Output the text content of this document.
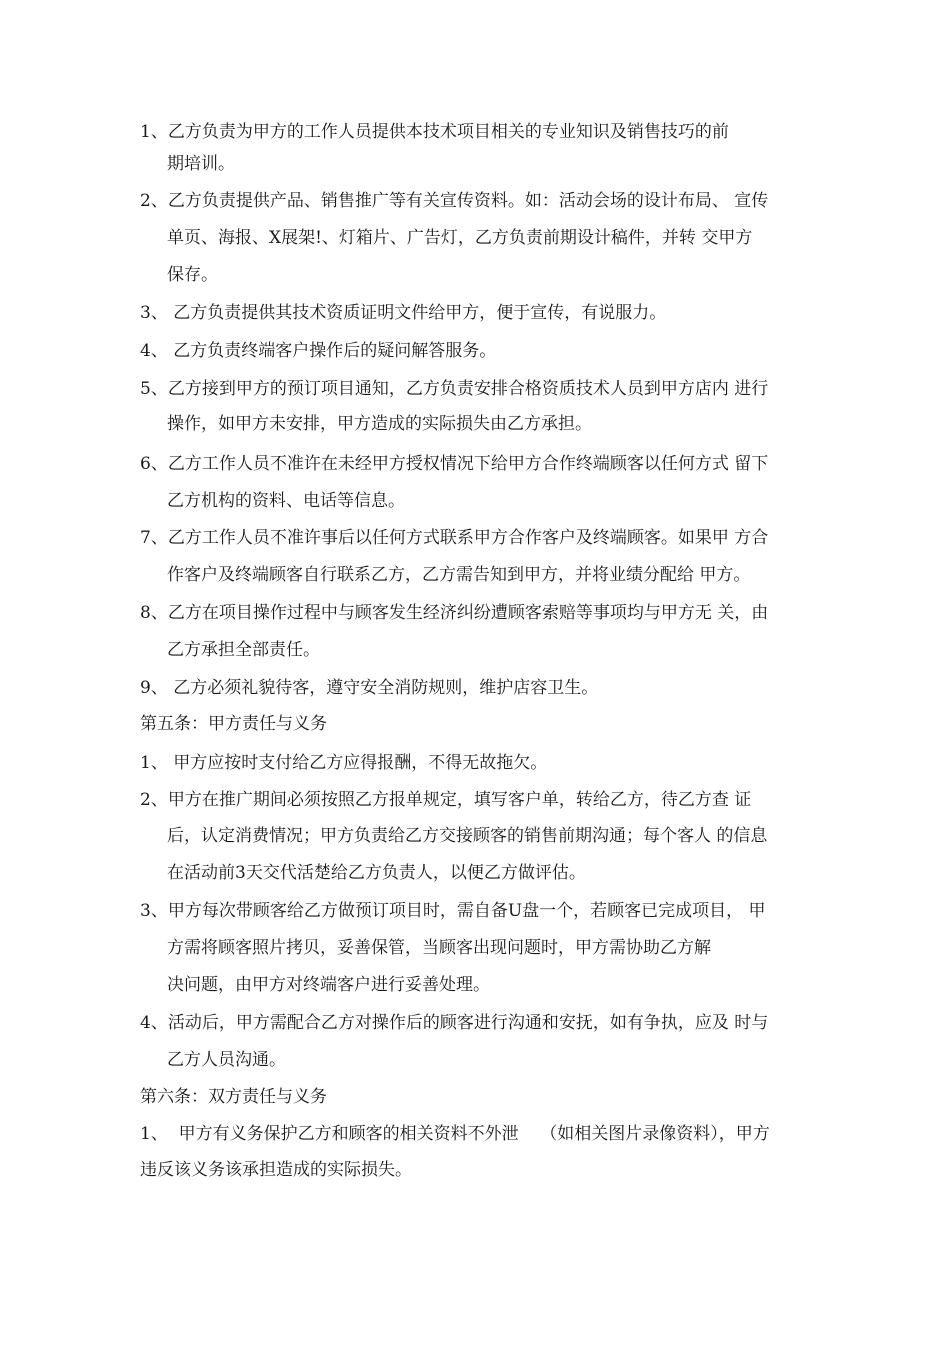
1、乙方负责为甲方的工作人员提供本技术项目相关的专业知识及销售技巧的前
期培训。
2、乙方负责提供产品、销售推广等有关宣传资料。如：活动会场的设计布局、 宣传
单页、海报、X展架!、灯箱片、广告灯，乙方负责前期设计稿件，并转 交甲方
保存。
3、 乙方负责提供其技术资质证明文件给甲方，便于宣传，有说服力。
4、 乙方负责终端客户操作后的疑问解答服务。
5、乙方接到甲方的预订项目通知，乙方负责安排合格资质技术人员到甲方店内 进行
操作，如甲方未安排，甲方造成的实际损失由乙方承担。
6、乙方工作人员不准许在未经甲方授权情况下给甲方合作终端顾客以任何方式 留下
乙方机构的资料、电话等信息。
7、乙方工作人员不准许事后以任何方式联系甲方合作客户及终端顾客。如果甲 方合
作客户及终端顾客自行联系乙方，乙方需告知到甲方，并将业绩分配给 甲方。
8、乙方在项目操作过程中与顾客发生经济纠纷遭顾客索赔等事项均与甲方无 关，由
乙方承担全部责任。
9、 乙方必须礼貌待客，遵守安全消防规则，维护店容卫生。
第五条：甲方责任与义务
1、 甲方应按时支付给乙方应得报酬，不得无故拖欠。
2、甲方在推广期间必须按照乙方报单规定，填写客户单，转给乙方，待乙方查 证
后，认定消费情况；甲方负责给乙方交接顾客的销售前期沟通；每个客人 的信息
在活动前3天交代活楚给乙方负责人，以便乙方做评估。
3、甲方每次带顾客给乙方做预订项目时，需自备U盘一个，若顾客已完成项目， 甲
方需将顾客照片拷贝，妥善保管，当顾客出现问题时，甲方需协助乙方解
决问题，由甲方对终端客户进行妥善处理。
4、活动后，甲方需配合乙方对操作后的顾客进行沟通和安抚，如有争执，应及 时与
乙方人员沟通。
第六条：双方责任与义务
1、  甲方有义务保护乙方和顾客的相关资料不外泄    （如相关图片录像资料），甲方
违反该义务该承担造成的实际损失。
